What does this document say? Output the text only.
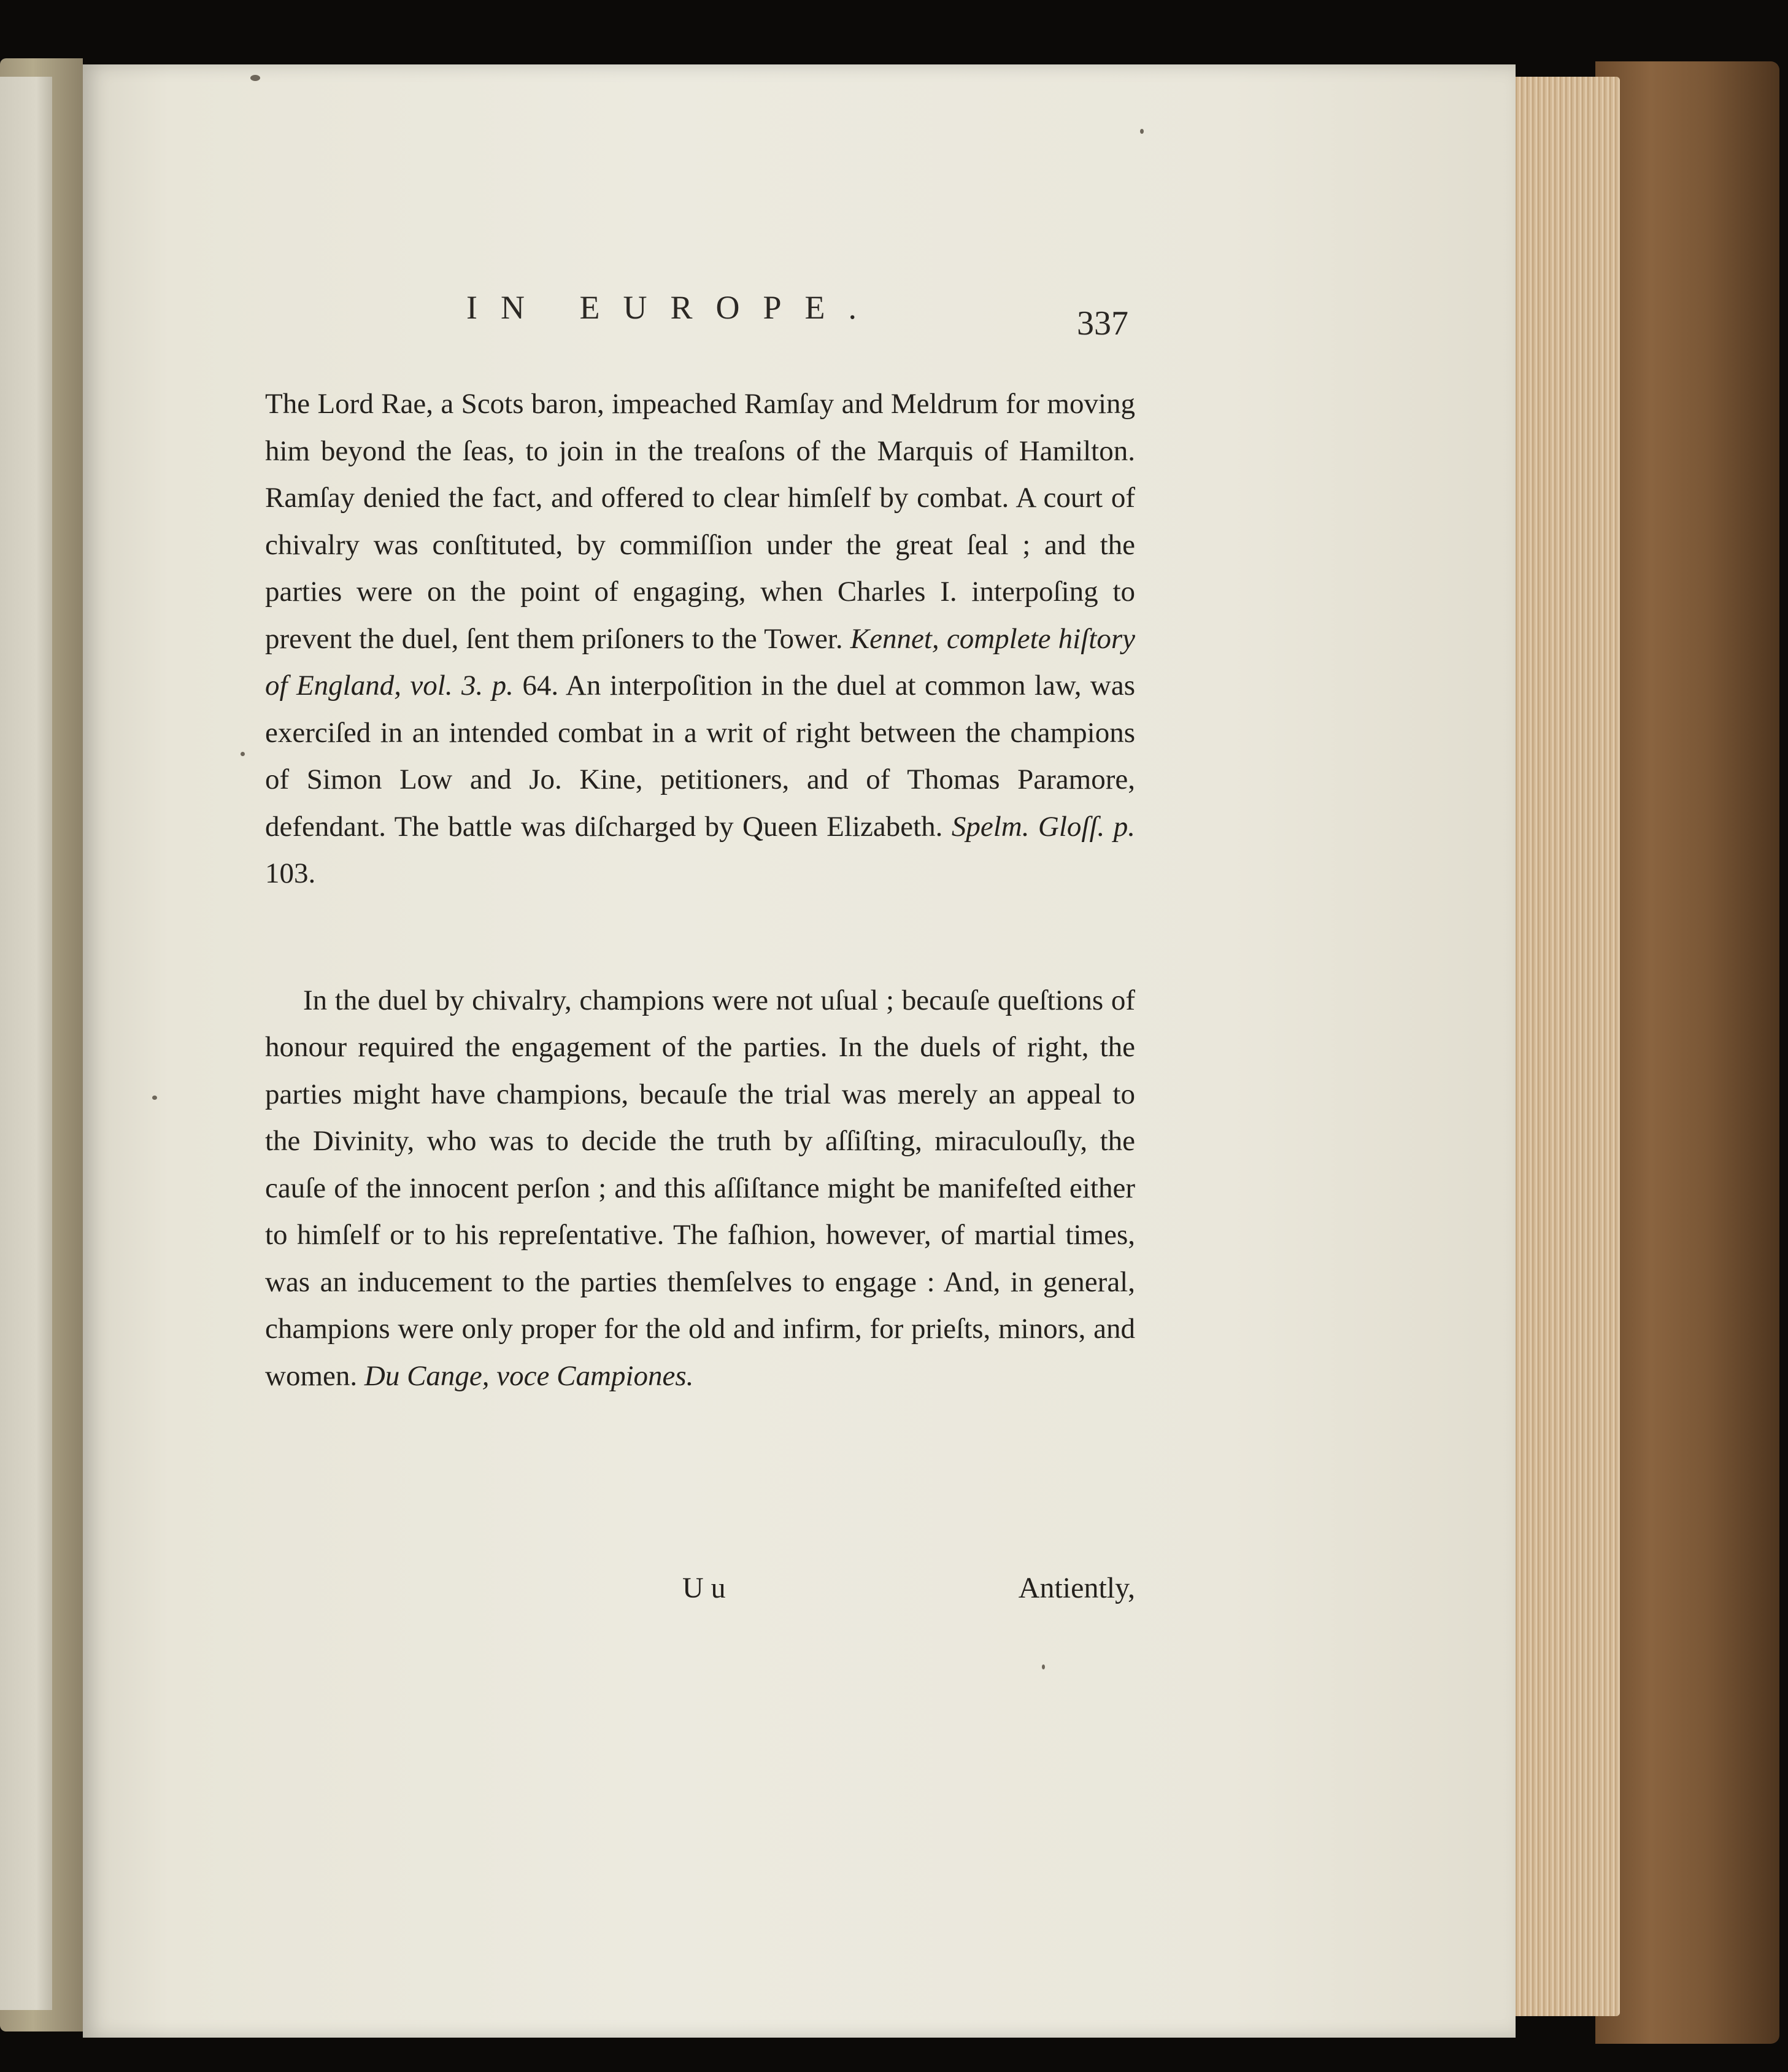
IN EUROPE.	337

The Lord Rae, a Scots baron, impeached Ramſay and Meldrum for moving him beyond the ſeas, to join in the treaſons of the Marquis of Hamilton. Ramſay denied the fact, and offered to clear himſelf by combat. A court of chivalry was conſtituted, by commiſſion under the great ſeal ; and the parties were on the point of engaging, when Charles I. interpoſing to prevent the duel, ſent them priſoners to the Tower. Kennet, complete hiſtory of England, vol. 3. p. 64. An interpoſition in the duel at common law, was exerciſed in an intended combat in a writ of right between the champions of Simon Low and Jo. Kine, petitioners, and of Thomas Paramore, defendant. The battle was diſcharged by Queen Elizabeth. Spelm. Gloſſ. p. 103.

In the duel by chivalry, champions were not uſual ; becauſe queſtions of honour required the engagement of the parties. In the duels of right, the parties might have champions, becauſe the trial was merely an appeal to the Divinity, who was to decide the truth by aſſiſting, miraculouſly, the cauſe of the innocent perſon ; and this aſſiſtance might be manifeſted either to himſelf or to his repreſentative. The faſhion, however, of martial times, was an inducement to the parties themſelves to engage : And, in general, champions were only proper for the old and infirm, for prieſts, minors, and women. Du Cange, voce Campiones.

U u	Antiently,
